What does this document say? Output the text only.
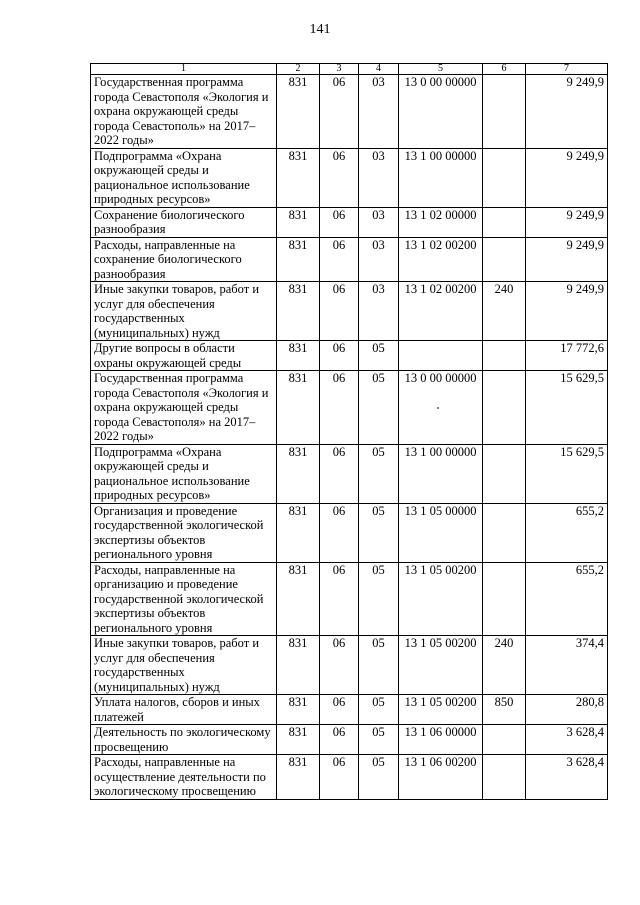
141
1	2	3	4	5	6	7
Государственная программа города Севастополя «Экология и охрана окружающей среды города Севастополь» на 2017–2022 годы»	831	06	03	13 0 00 00000		9 249,9
Подпрограмма «Охрана окружающей среды и рациональное использование природных ресурсов»	831	06	03	13 1 00 00000		9 249,9
Сохранение биологического разнообразия	831	06	03	13 1 02 00000		9 249,9
Расходы, направленные на сохранение биологического разнообразия	831	06	03	13 1 02 00200		9 249,9
Иные закупки товаров, работ и услуг для обеспечения государственных (муниципальных) нужд	831	06	03	13 1 02 00200	240	9 249,9
Другие вопросы в области охраны окружающей среды	831	06	05			17 772,6
Государственная программа города Севастополя «Экология и охрана окружающей среды города Севастополя» на 2017–2022 годы»	831	06	05	13 0 00 00000		15 629,5
Подпрограмма «Охрана окружающей среды и рациональное использование природных ресурсов»	831	06	05	13 1 00 00000		15 629,5
Организация и проведение государственной экологической экспертизы объектов регионального уровня	831	06	05	13 1 05 00000		655,2
Расходы, направленные на организацию и проведение государственной экологической экспертизы объектов регионального уровня	831	06	05	13 1 05 00200		655,2
Иные закупки товаров, работ и услуг для обеспечения государственных (муниципальных) нужд	831	06	05	13 1 05 00200	240	374,4
Уплата налогов, сборов и иных платежей	831	06	05	13 1 05 00200	850	280,8
Деятельность по экологическому просвещению	831	06	05	13 1 06 00000		3 628,4
Расходы, направленные на осуществление деятельности по экологическому просвещению	831	06	05	13 1 06 00200		3 628,4
